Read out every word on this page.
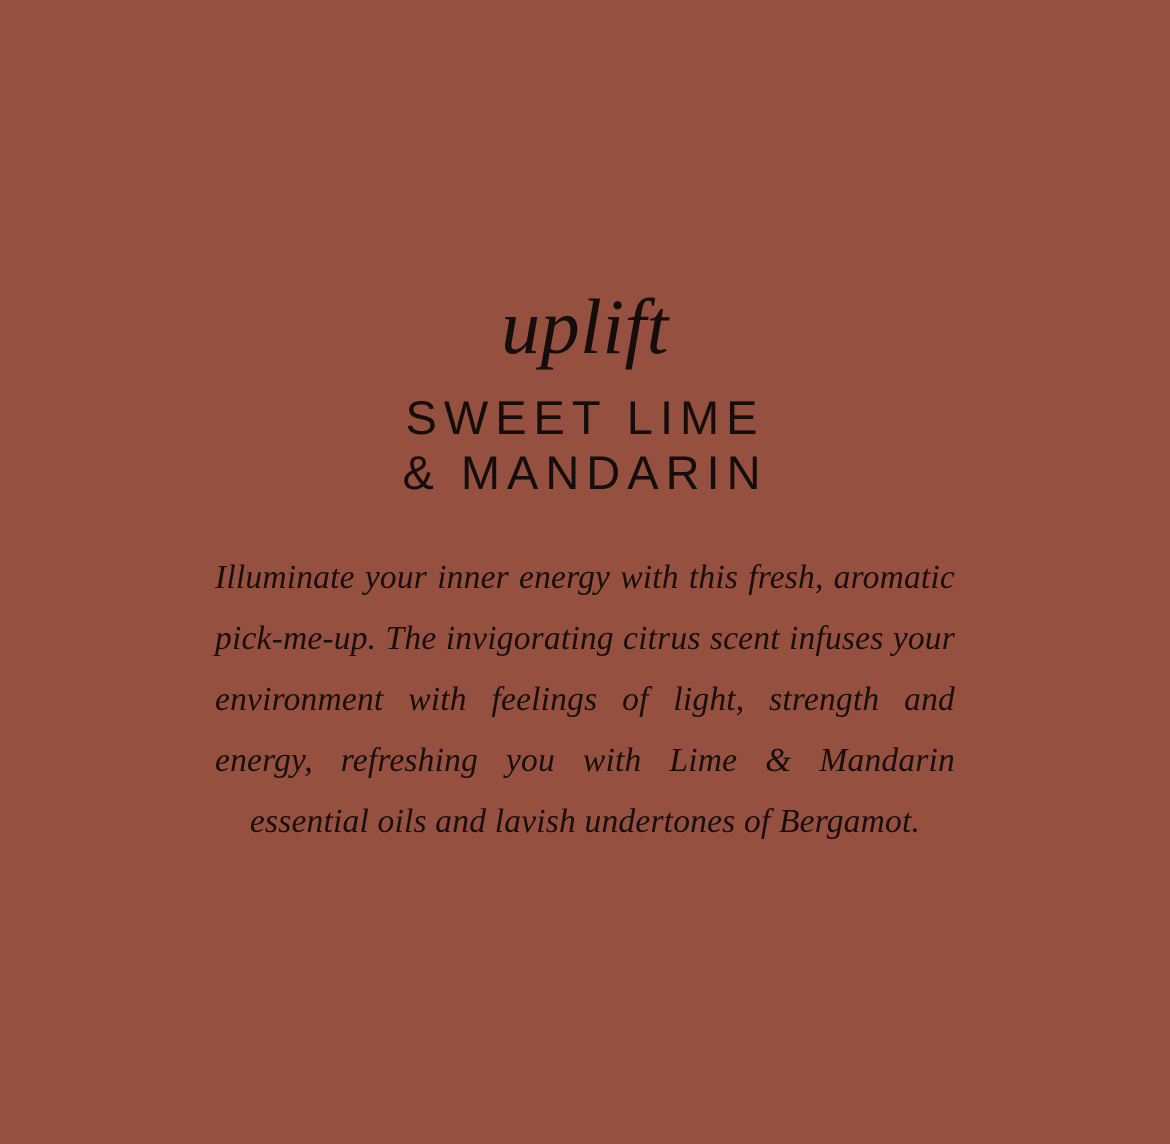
uplift
SWEET LIME
& MANDARIN
Illuminate your inner energy with this fresh, aromatic pick-me-up. The invigorating citrus scent infuses your environment with feelings of light, strength and energy, refreshing you with Lime & Mandarin essential oils and lavish undertones of Bergamot.
